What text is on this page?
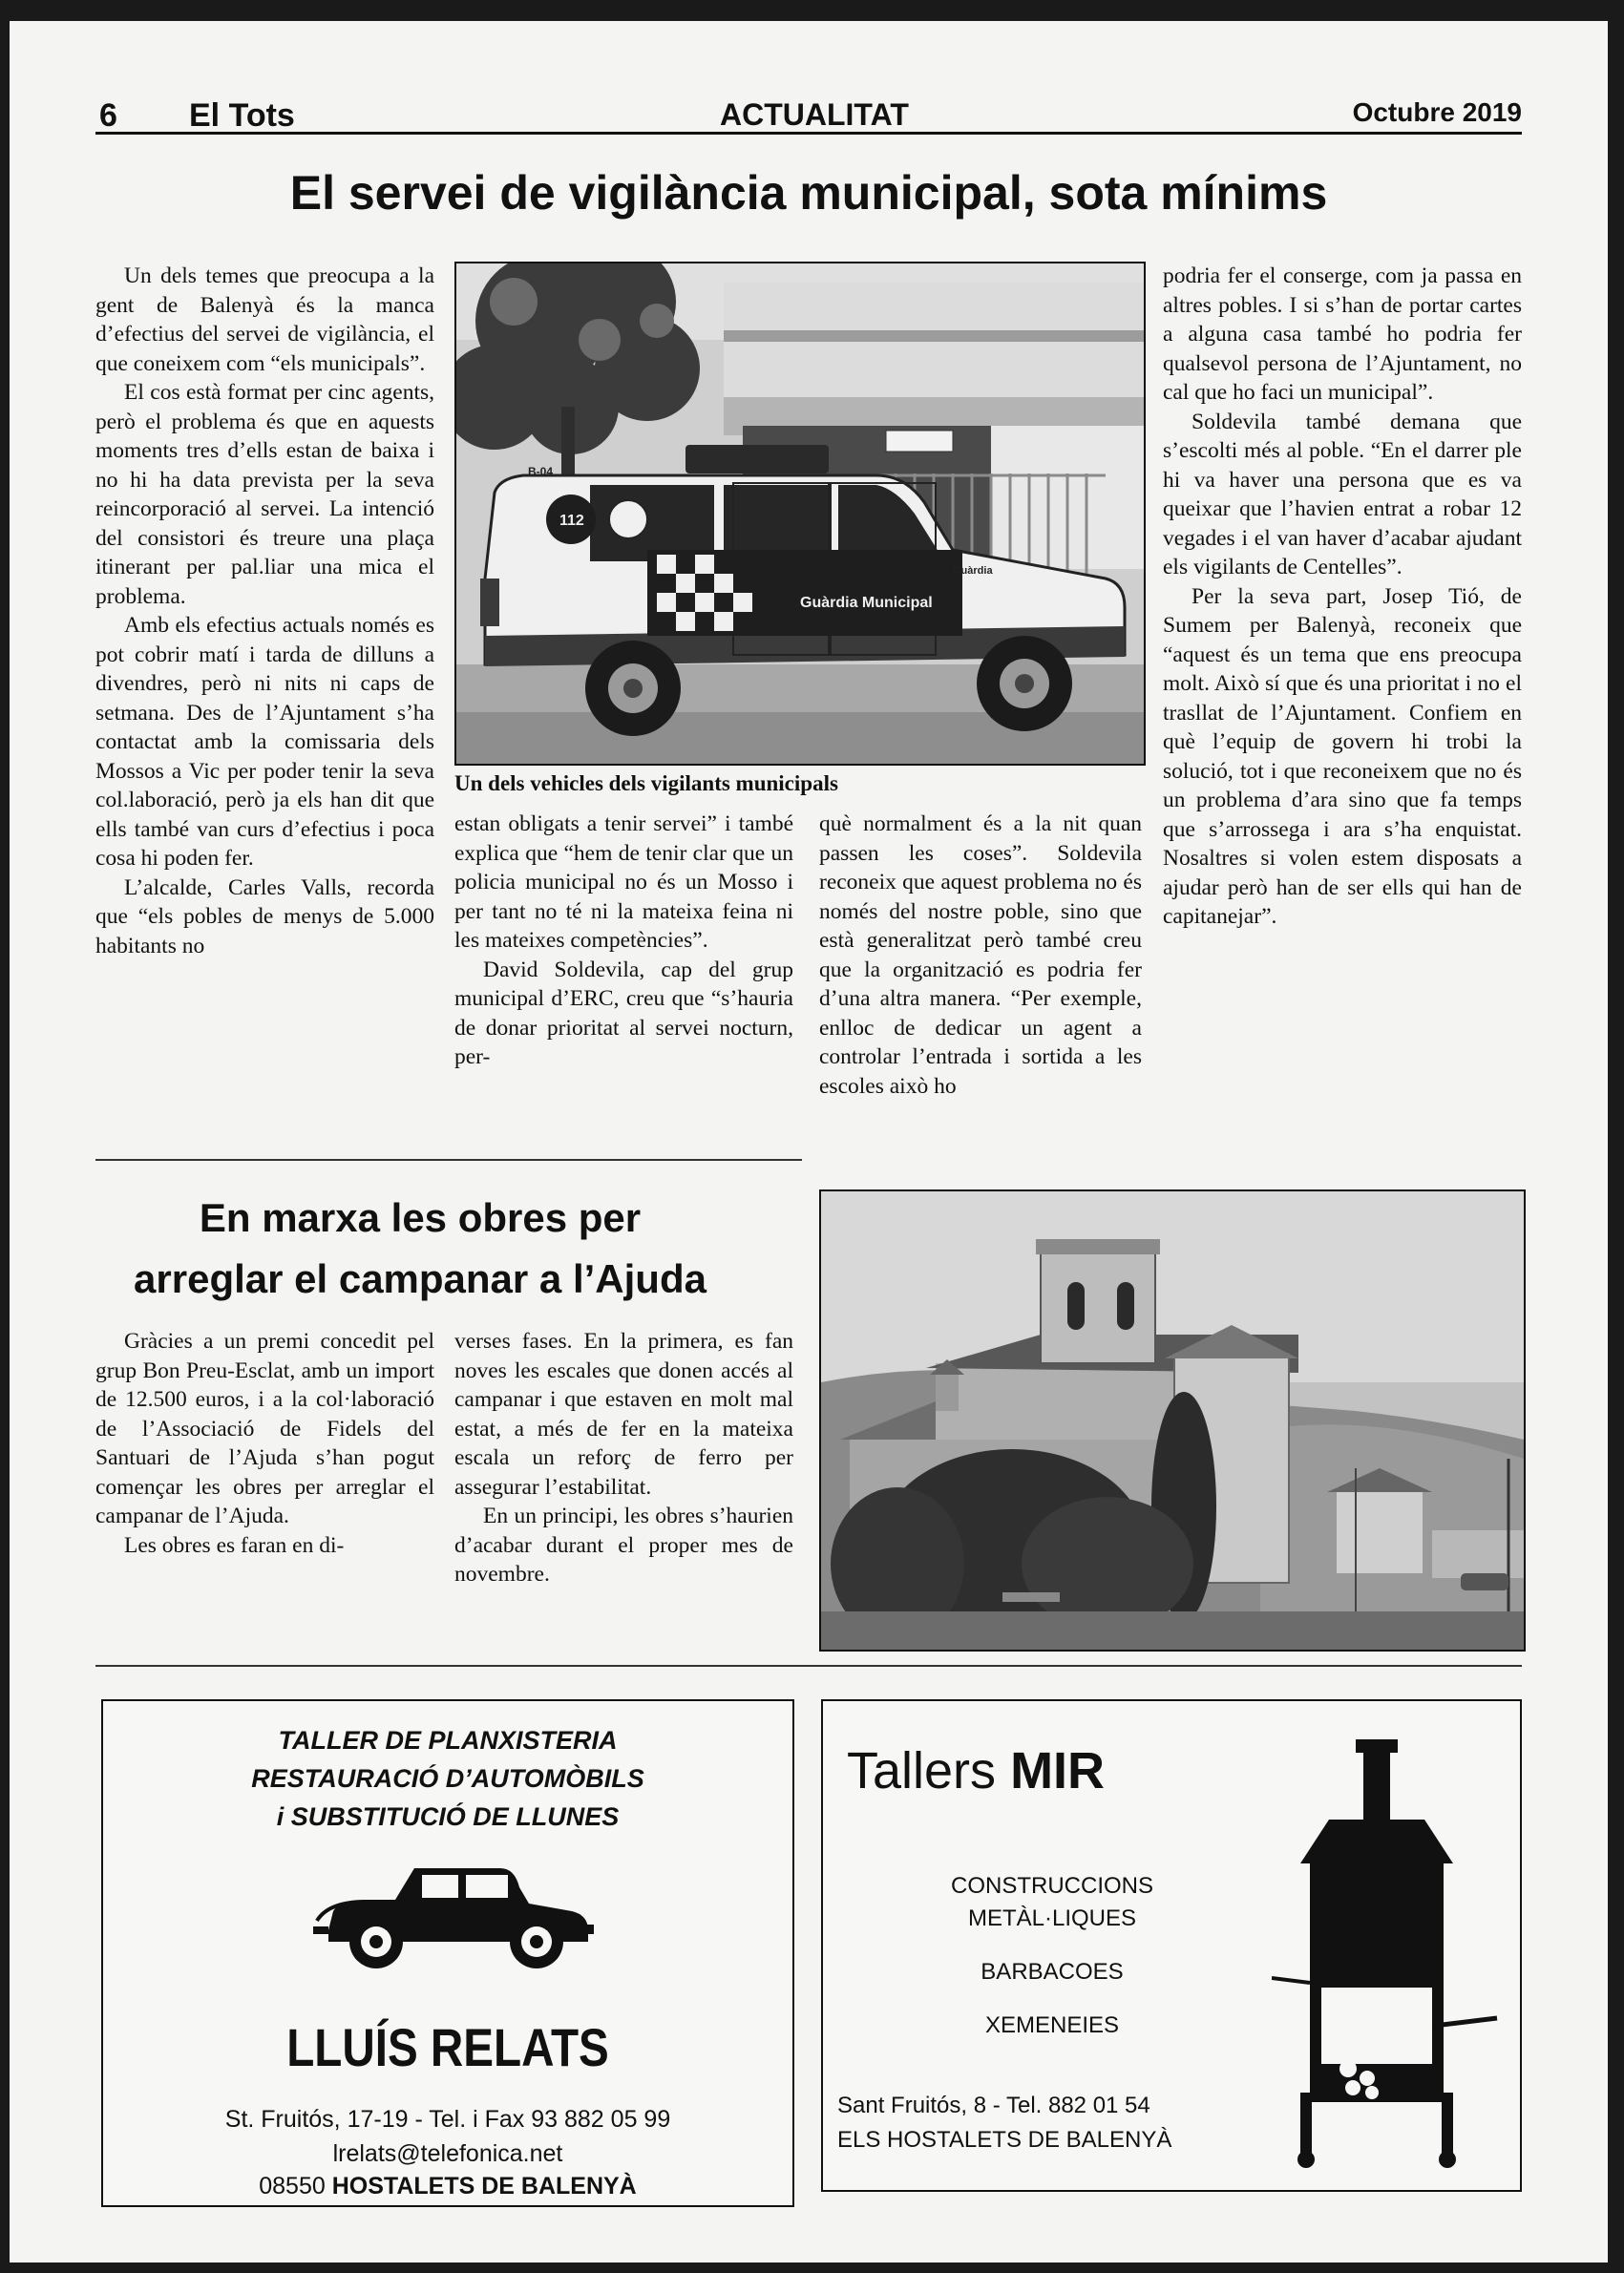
6 El Tots	ACTUALITAT	Octubre 2019
El servei de vigilància municipal, sota mínims

Un dels temes que preocupa a la gent de Balenyà és la manca d’efectius del servei de vigilància, el que coneixem com “els municipals”.

El cos està format per cinc agents, però el problema és que en aquests moments tres d’ells estan de baixa i no hi ha data prevista per la seva reincorporació al servei. La intenció del consistori és treure una plaça itinerant per pal.liar una mica el problema.

Amb els efectius actuals només es pot cobrir matí i tarda de dilluns a divendres, però ni nits ni caps de setmana. Des de l’Ajuntament s’ha contactat amb la comissaria dels Mossos a Vic per poder tenir la seva col.laboració, però ja els han dit que ells també van curs d’efectius i poca cosa hi poden fer.

L’alcalde, Carles Valls, recorda que “els pobles de menys de 5.000 habitants no

Guàrdia Municipal
Guàrdia
B-04
112
Un dels vehicles dels vigilants municipals

estan obligats a tenir servei” i també explica que “hem de tenir clar que un policia municipal no és un Mosso i per tant no té ni la mateixa feina ni les mateixes competències”.

David Soldevila, cap del grup municipal d’ERC, creu que “s’hauria de donar prioritat al servei nocturn, per-

què normalment és a la nit quan passen les coses”. Soldevila reconeix que aquest problema no és només del nostre poble, sino que està generalitzat però també creu que la organització es podria fer d’una altra manera. “Per exemple, enlloc de dedicar un agent a controlar l’entrada i sortida a les escoles això ho

podria fer el conserge, com ja passa en altres pobles. I si s’han de portar cartes a alguna casa també ho podria fer qualsevol persona de l’Ajuntament, no cal que ho faci un municipal”.

Soldevila també demana que s’escolti més al poble. “En el darrer ple hi va haver una persona que es va queixar que l’havien entrat a robar 12 vegades i el van haver d’acabar ajudant els vigilants de Centelles”.

Per la seva part, Josep Tió, de Sumem per Balenyà, reconeix que “aquest és un tema que ens preocupa molt. Això sí que és una prioritat i no el trasllat de l’Ajuntament. Confiem en què l’equip de govern hi trobi la solució, tot i que reconeixem que no és un problema d’ara sino que fa temps que s’arrossega i ara s’ha enquistat. Nosaltres si volen estem disposats a ajudar però han de ser ells qui han de capitanejar”.

En marxa les obres per
arreglar el campanar a l’Ajuda

Gràcies a un premi concedit pel grup Bon Preu-Esclat, amb un import de 12.500 euros, i a la col·laboració de l’Associació de Fidels del Santuari de l’Ajuda s’han pogut començar les obres per arreglar el campanar de l’Ajuda.

Les obres es faran en di-

verses fases. En la primera, es fan noves les escales que donen accés al campanar i que estaven en molt mal estat, a més de fer en la mateixa escala un reforç de ferro per assegurar l’estabilitat.

En un principi, les obres s’haurien d’acabar durant el proper mes de novembre.

TALLER DE PLANXISTERIA
RESTAURACIÓ D’AUTOMÒBILS
i SUBSTITUCIÓ DE LLUNES
LLUÍS RELATS
St. Fruitós, 17-19 - Tel. i Fax 93 882 05 99
lrelats@telefonica.net
08550 HOSTALETS DE BALENYÀ
Tallers MIR
CONSTRUCCIONS
METÀL·LIQUES
BARBACOES
XEMENEIES
Sant Fruitós, 8 - Tel. 882 01 54
ELS HOSTALETS DE BALENYÀ
